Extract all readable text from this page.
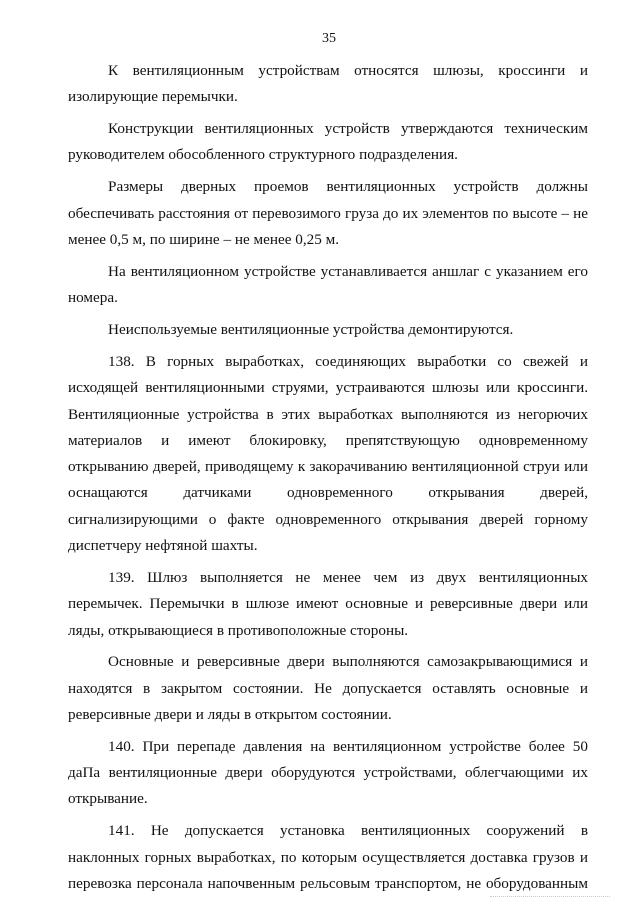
35

К вентиляционным устройствам относятся шлюзы, кроссинги и изолирующие перемычки.

Конструкции вентиляционных устройств утверждаются техническим руководителем обособленного структурного подразделения.

Размеры дверных проемов вентиляционных устройств должны обеспечивать расстояния от перевозимого груза до их элементов по высоте – не менее 0,5 м, по ширине – не менее 0,25 м.

На вентиляционном устройстве устанавливается аншлаг с указанием его номера.

Неиспользуемые вентиляционные устройства демонтируются.

138. В горных выработках, соединяющих выработки со свежей и исходящей вентиляционными струями, устраиваются шлюзы или кроссинги. Вентиляционные устройства в этих выработках выполняются из негорючих материалов и имеют блокировку, препятствующую одновременному открыванию дверей, приводящему к закорачиванию вентиляционной струи или оснащаются датчиками одновременного открывания дверей, сигнализирующими о факте одновременного открывания дверей горному диспетчеру нефтяной шахты.

139. Шлюз выполняется не менее чем из двух вентиляционных перемычек. Перемычки в шлюзе имеют основные и реверсивные двери или ляды, открывающиеся в противоположные стороны.

Основные и реверсивные двери выполняются самозакрывающимися и находятся в закрытом состоянии. Не допускается оставлять основные и реверсивные двери и ляды в открытом состоянии.

140. При перепаде давления на вентиляционном устройстве более 50 даПа вентиляционные двери оборудуются устройствами, облегчающими их открывание.

141. Не допускается установка вентиляционных сооружений в наклонных горных выработках, по которым осуществляется доставка грузов и перевозка персонала напочвенным рельсовым транспортом, не оборудованным
